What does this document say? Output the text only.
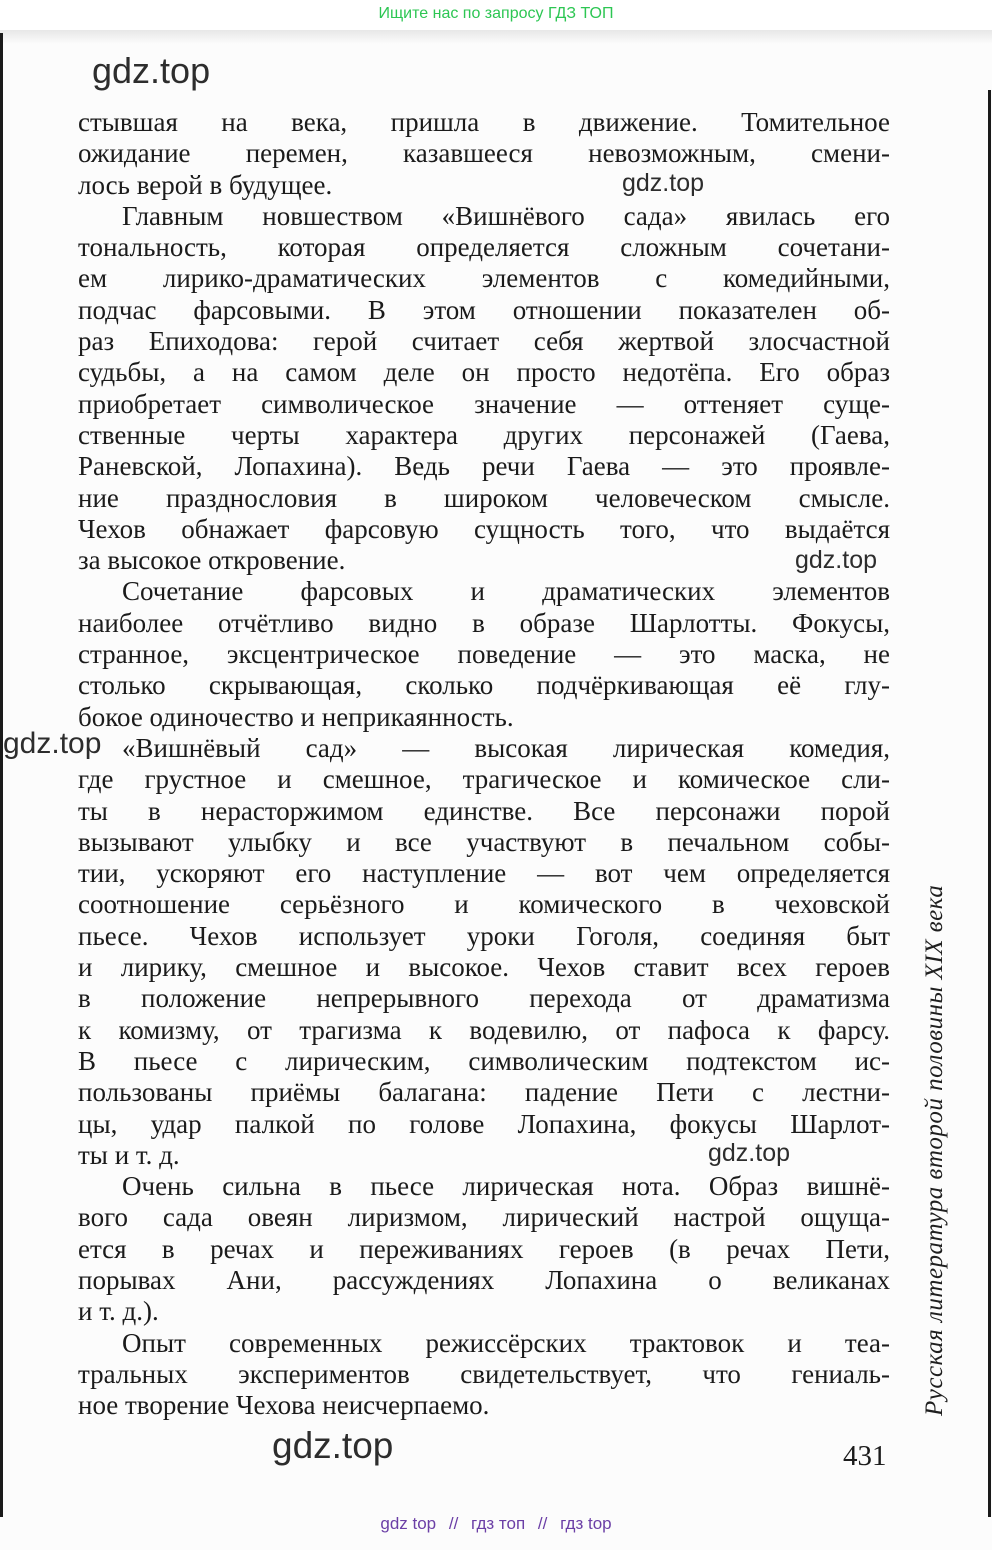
Ищите нас по запросу ГДЗ ТОП
gdz.top
gdz.top
gdz.top
gdz.top
gdz.top
gdz.top
стывшая на века, пришла в движение. Томительное
ожидание перемен, казавшееся невозможным, смени-
лось верой в будущее.
Главным новшеством «Вишнёвого сада» явилась его
тональность, которая определяется сложным сочетани-
ем лирико-драматических элементов с комедийными,
подчас фарсовыми. В этом отношении показателен об-
раз Епиходова: герой считает себя жертвой злосчастной
судьбы, а на самом деле он просто недотёпа. Его образ
приобретает символическое значение — оттеняет суще-
ственные черты характера других персонажей (Гаева,
Раневской, Лопахина). Ведь речи Гаева — это проявле-
ние празднословия в широком человеческом смысле.
Чехов обнажает фарсовую сущность того, что выдаётся
за высокое откровение.
Сочетание фарсовых и драматических элементов
наиболее отчётливо видно в образе Шарлотты. Фокусы,
странное, эксцентрическое поведение — это маска, не
столько скрывающая, сколько подчёркивающая её глу-
бокое одиночество и неприкаянность.
«Вишнёвый сад» — высокая лирическая комедия,
где грустное и смешное, трагическое и комическое сли-
ты в нерасторжимом единстве. Все персонажи порой
вызывают улыбку и все участвуют в печальном собы-
тии, ускоряют его наступление — вот чем определяется
соотношение серьёзного и комического в чеховской
пьесе. Чехов использует уроки Гоголя, соединяя быт
и лирику, смешное и высокое. Чехов ставит всех героев
в положение непрерывного перехода от драматизма
к комизму, от трагизма к водевилю, от пафоса к фарсу.
В пьесе с лирическим, символическим подтекстом ис-
пользованы приёмы балагана: падение Пети с лестни-
цы, удар палкой по голове Лопахина, фокусы Шарлот-
ты и т. д.
Очень сильна в пьесе лирическая нота. Образ вишнё-
вого сада овеян лиризмом, лирический настрой ощуща-
ется в речах и переживаниях героев (в речах Пети,
порывах Ани, рассуждениях Лопахина о великанах
и т. д.).
Опыт современных режиссёрских трактовок и теа-
тральных экспериментов свидетельствует, что гениаль-
ное творение Чехова неисчерпаемо.	Русская литература второй половины XIX века
431
gdz top // гдз топ // гдз top
